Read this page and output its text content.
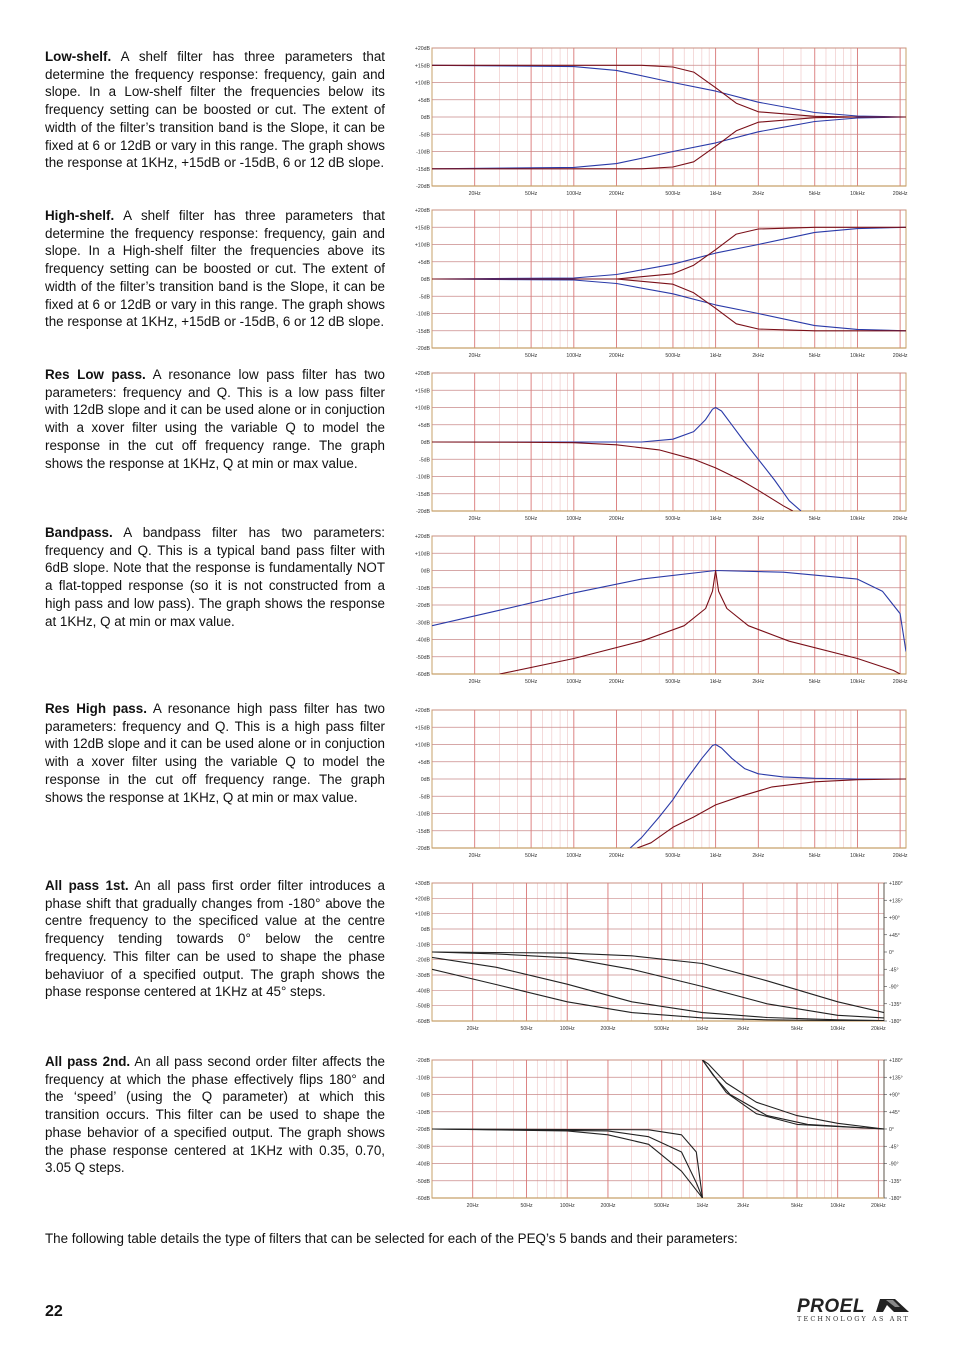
Low-shelf. A shelf filter has three parameters that determine the frequency response: frequency, gain and slope. In a Low-shelf filter the frequencies below its frequency setting can be boosted or cut. The extent of width of the filter’s transition band is the Slope, it can be fixed at 6 or 12dB or vary in this range. The graph shows the response at 1KHz, +15dB or -15dB, 6 or 12 dB slope.

High-shelf. A shelf filter has three parameters that determine the frequency response: frequency, gain and slope. In a High-shelf filter the frequencies above its frequency setting can be boosted or cut. The extent of width of the filter’s transition band is the Slope, it can be fixed at 6 or 12dB or vary in this range. The graph shows the response at 1KHz, +15dB or -15dB, 6 or 12 dB slope.

Res Low pass. A resonance low pass filter has two parameters: frequency and Q. This is a low pass filter with 12dB slope and it can be used alone or in conjuction with a xover filter using the variable Q to model the response in the cut off frequency range. The graph shows the response at 1KHz, Q at min or max value.

Bandpass. A bandpass filter has two parameters: frequency and Q. This is a typical band pass filter with 6dB slope. Note that the response is fundamentally NOT a flat-topped response (so it is not constructed from a high pass and low pass). The graph shows the response at 1KHz, Q at min or max value.

Res High pass. A resonance high pass filter has two parameters: frequency and Q. This is a high pass filter with 12dB slope and it can be used alone or in conjuction with a xover filter using the variable Q to model the response in the cut off frequency range. The graph shows the response at 1KHz, Q at min or max value.

All pass 1st. An all pass first order filter introduces a phase shift that gradually changes from -180° above the centre frequency to the specificed value at the centre frequency tending towards 0° below the centre frequency. This filter can be used to shape the phase behaviuor of a specified output. The graph shows the phase response centered at 1KHz at 45° steps.

All pass 2nd. An all pass second order filter affects the frequency at which the phase effectively flips 180° and the ‘speed’ (using the Q parameter) at which this transition occurs. This filter can be used to shape the phase behavior of a specified output. The graph shows the phase response centered at 1KHz with 0.35, 0.70, 3.05 Q steps.

+20dB
+15dB
+10dB
+5dB
0dB
-5dB
-10dB
-15dB
-20dB
20Hz	50Hz	100Hz	200Hz	500Hz	1kHz	2kHz	5kHz	10kHz	20kHz
+20dB
+15dB
+10dB
+5dB
0dB
-5dB
-10dB
-15dB
-20dB
20Hz	50Hz	100Hz	200Hz	500Hz	1kHz	2kHz	5kHz	10kHz	20kHz
+20dB
+15dB
+10dB
+5dB
0dB
-5dB
-10dB
-15dB
-20dB
20Hz	50Hz	100Hz	200Hz	500Hz	1kHz	2kHz	5kHz	10kHz	20kHz
+20dB
+10dB
0dB
-10dB
-20dB
-30dB
-40dB
-50dB
-60dB
20Hz	50Hz	100Hz	200Hz	500Hz	1kHz	2kHz	5kHz	10kHz	20kHz
+20dB
+15dB
+10dB
+5dB
0dB
-5dB
-10dB
-15dB
-20dB
20Hz	50Hz	100Hz	200Hz	500Hz	1kHz	2kHz	5kHz	10kHz	20kHz
+30dB
+20dB
+10dB
0dB
-10dB
-20dB
-30dB
-40dB
-50dB
-60dB
+180°
+135°
+90°
+45°
0°
-45°
-90°
-135°
-180°
20Hz	50Hz	100Hz	200Hz	500Hz	1kHz	2kHz	5kHz	10kHz	20kHz
-20dB
-10dB
0dB
-10dB
-20dB
-30dB
-40dB
-50dB
-60dB
+180°
+135°
+90°
+45°
0°
-45°
-90°
-135°
-180°
20Hz	50Hz	100Hz	200Hz	500Hz	1kHz	2kHz	5kHz	10kHz	20kHz

The following table details the type of filters that can be selected for each of the PEQ’s 5 bands and their parameters:

22	PROEL
TECHNOLOGY AS ART
